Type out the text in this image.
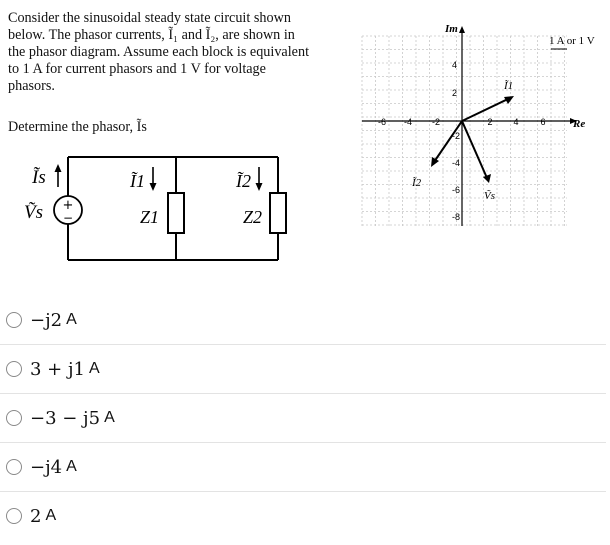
Consider the sinusoidal steady state circuit shown
below. The phasor currents, Ĩ₁ and Ĩ₂, are shown in
the phasor diagram. Assume each block is equivalent
to 1 A for current phasors and 1 V for voltage
phasors.
Determine the phasor, Ĩs
+
−
Ĩs
Ṽs
Ĩ1	Ĩ2
Z1	Z2
Im
Re
1 A or 1 V
-6 -4 -2	2 4 6
4
2
-2
-4
-6
-8
Ĩ1
Ĩ2
Ṽs
−j2 A
3 + j1 A
−3 − j5 A
−j4 A
2 A
